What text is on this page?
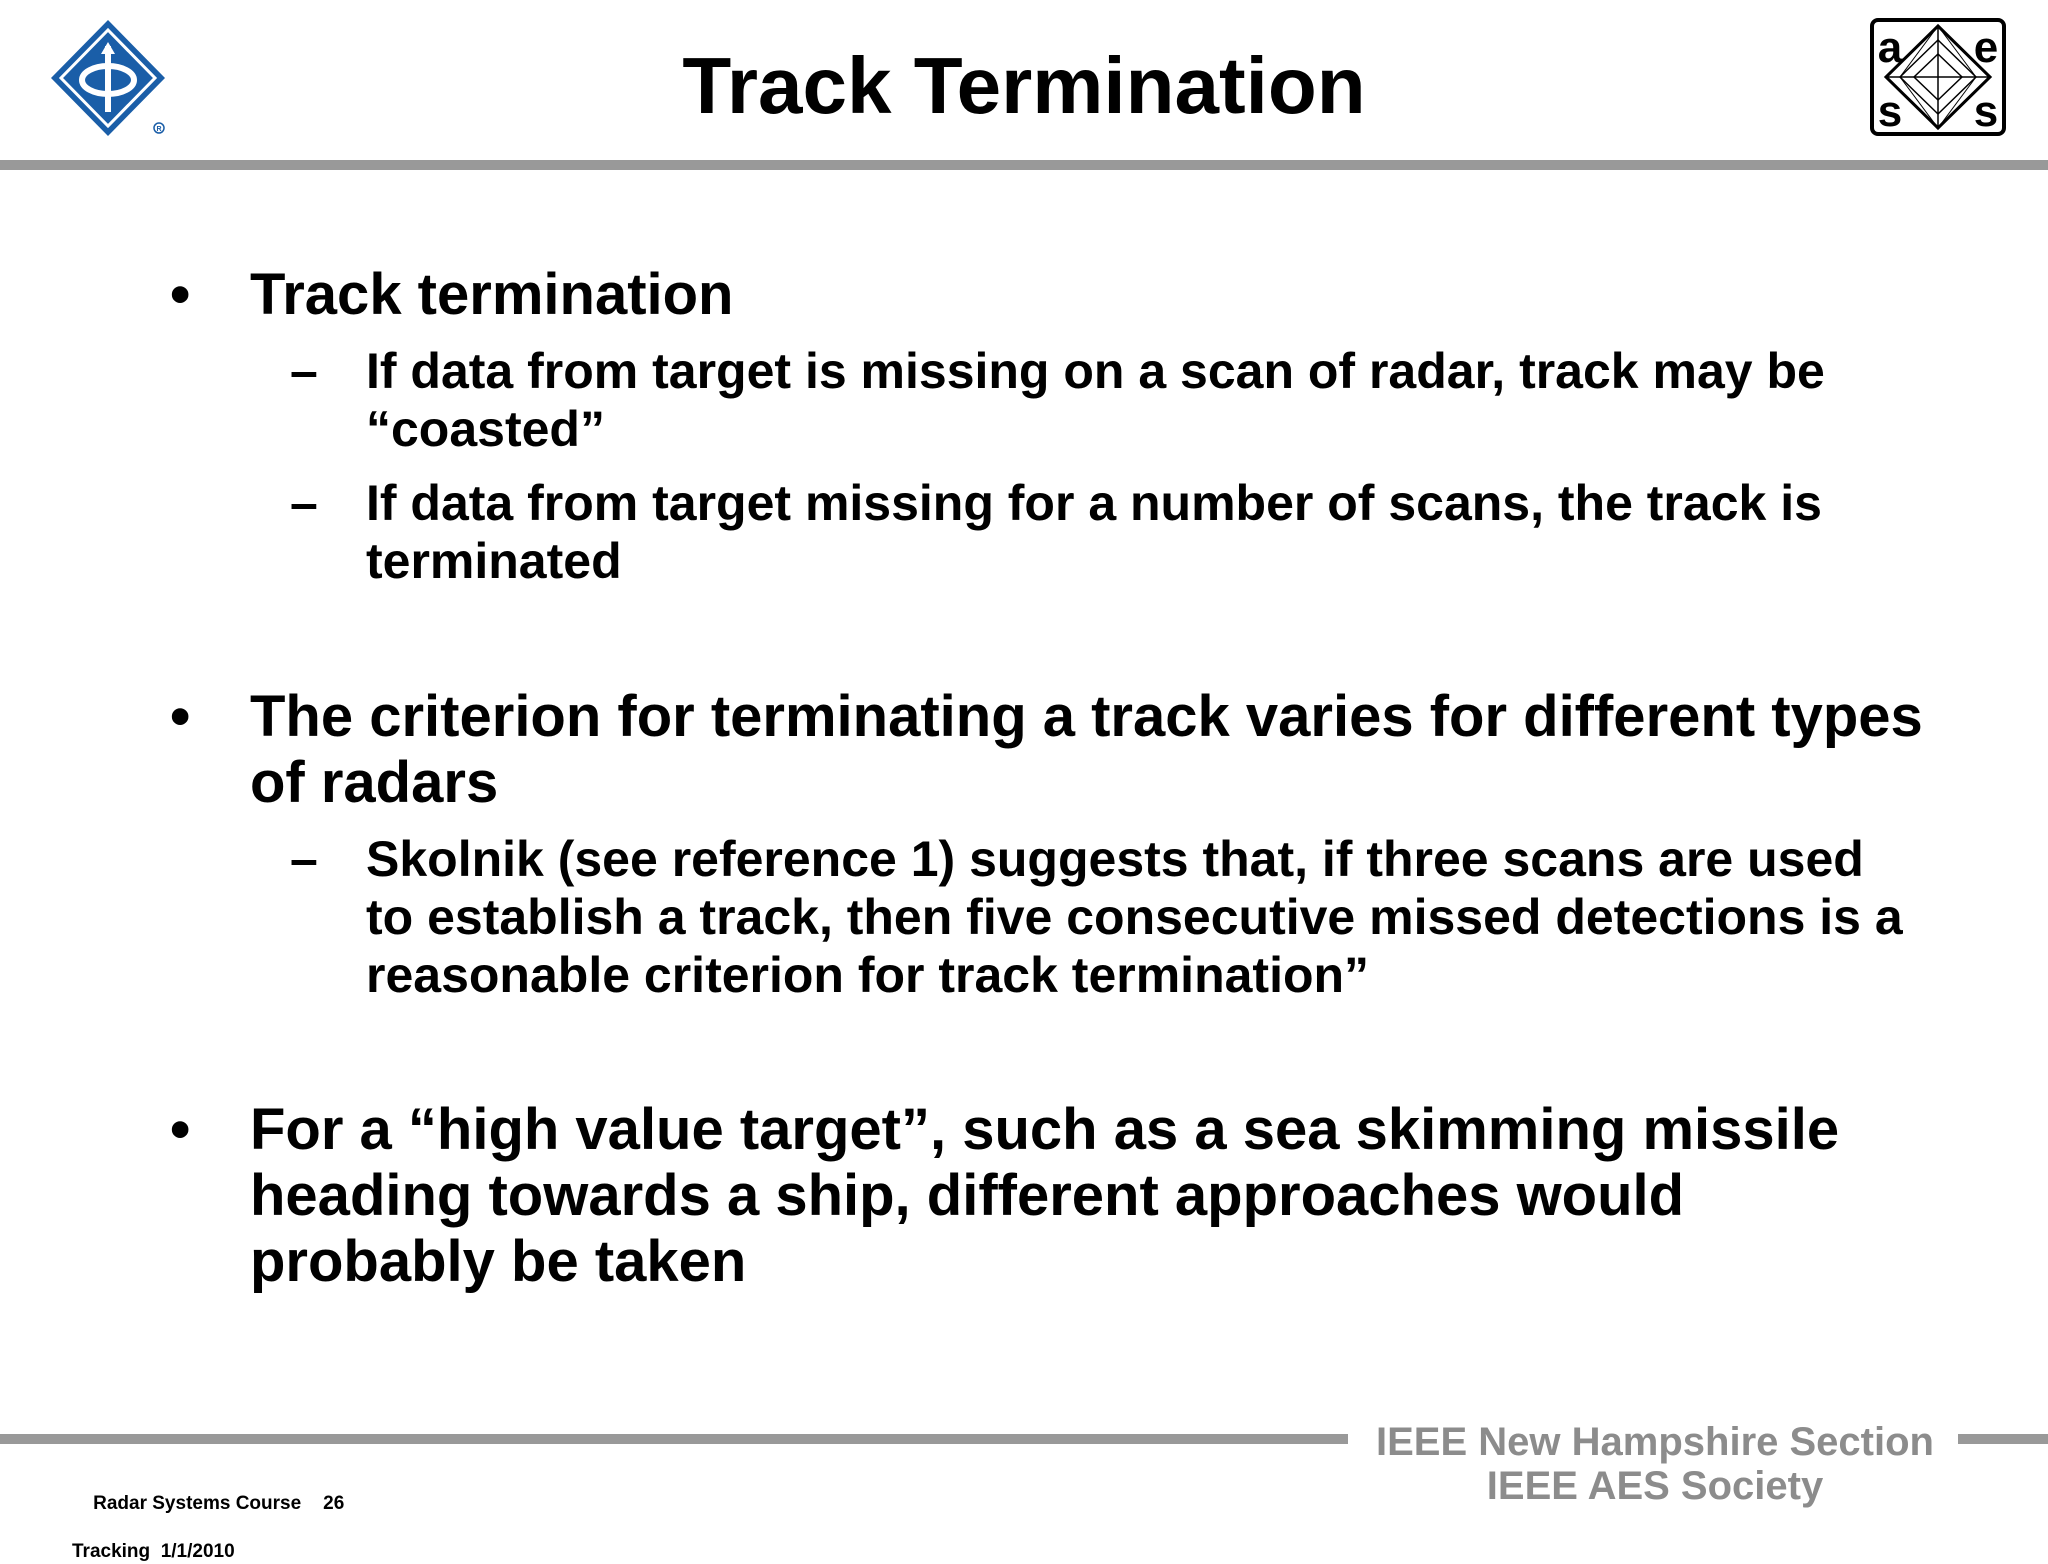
R
a e
s s
Track Termination
• Track termination
– If data from target is missing on a scan of radar, track may be “coasted”
– If data from target missing for a number of scans, the track is terminated
• The criterion for terminating a track varies for different types of radars
– Skolnik (see reference 1) suggests that, if three scans are used to establish a track, then five consecutive missed detections is a reasonable criterion for track termination”
• For a “high value target”, such as a sea skimming missile heading towards a ship, different approaches would probably be taken
IEEE New Hampshire Section
IEEE AES Society

Radar Systems Course 26

Tracking  1/1/2010
